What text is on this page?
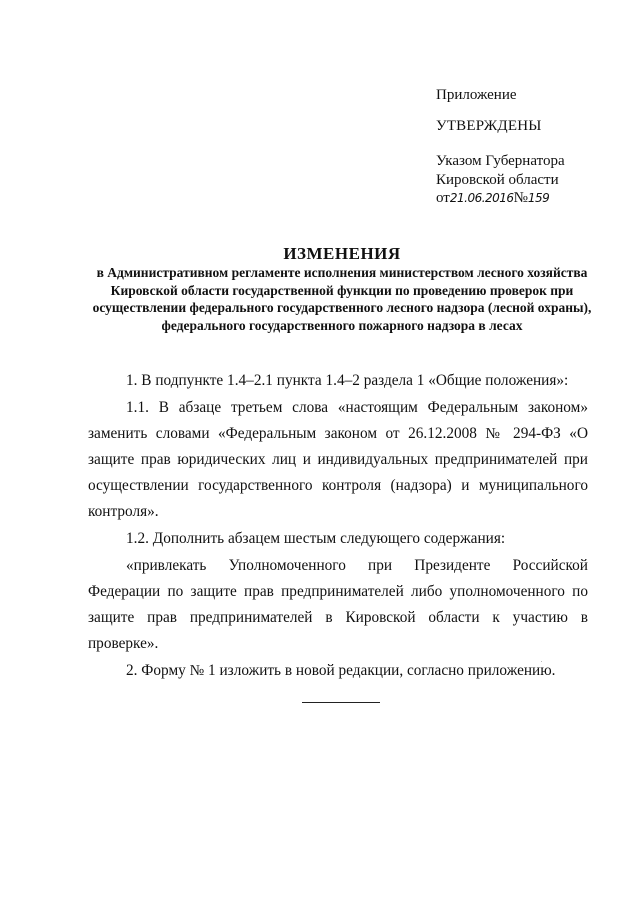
Приложение
УТВЕРЖДЕНЫ
Указом Губернатора
Кировской области
от21.06.2016№159
ИЗМЕНЕНИЯ
в Административном регламенте исполнения министерством лесного хозяйства Кировской области государственной функции по проведению проверок при осуществлении федерального государственного лесного надзора (лесной охраны), федерального государственного пожарного надзора в лесах

1. В подпункте 1.4–2.1 пункта 1.4–2 раздела 1 «Общие положения»:

1.1. В абзаце третьем слова «настоящим Федеральным законом» заменить словами «Федеральным законом от 26.12.2008 № 294-ФЗ «О защите прав юридических лиц и индивидуальных предпринимателей при осуществлении государственного контроля (надзора) и муниципального контроля».

1.2. Дополнить абзацем шестым следующего содержания:

«привлекать Уполномоченного при Президенте Российской Федерации по защите прав предпринимателей либо уполномоченного по защите прав предпринимателей в Кировской области к участию в проверке».

2. Форму № 1 изложить в новой редакции, согласно приложению.
